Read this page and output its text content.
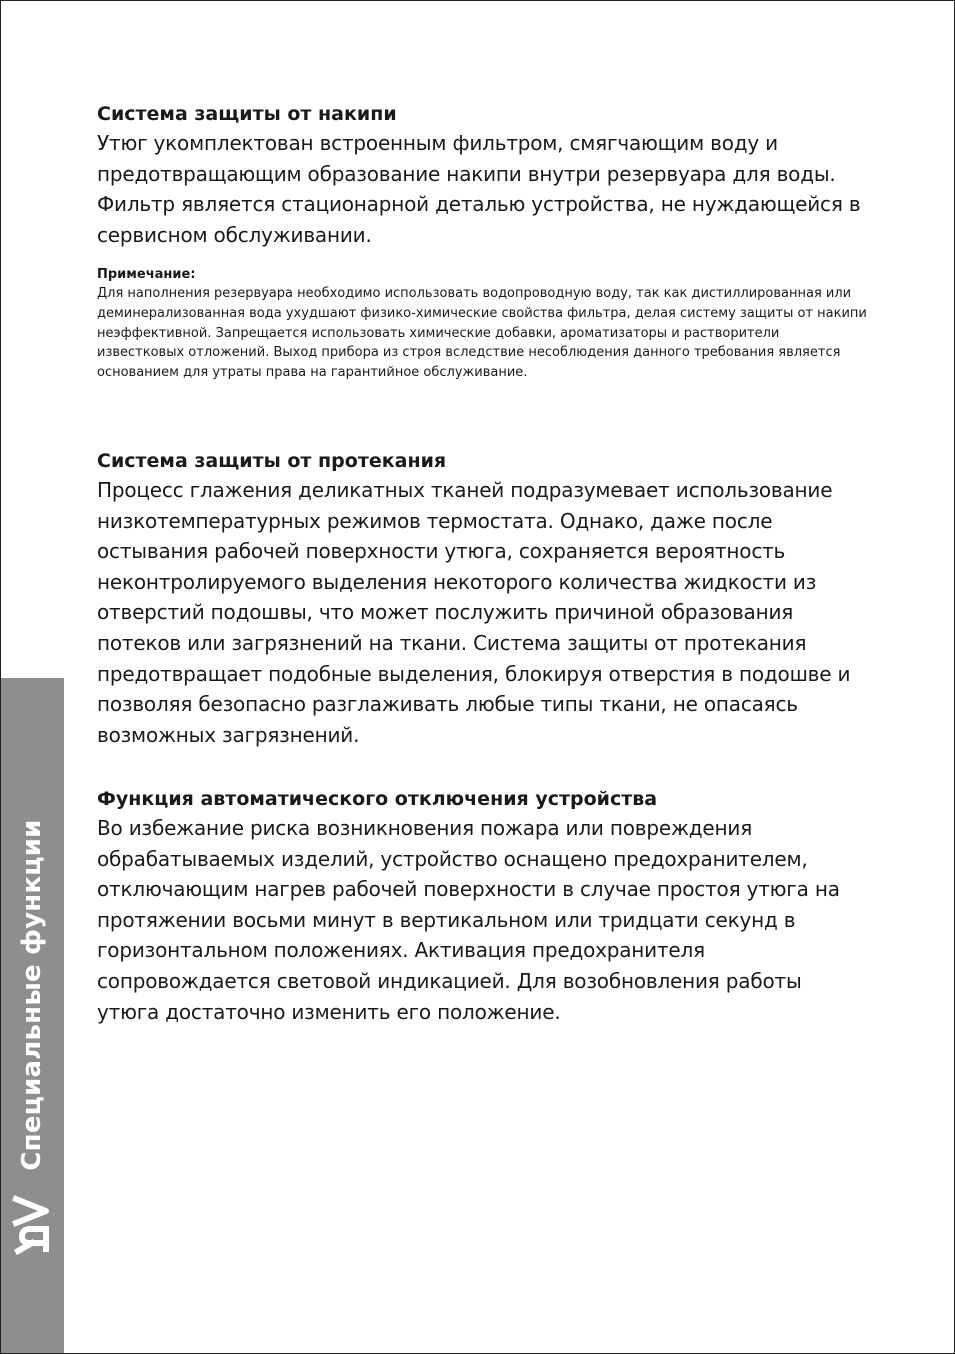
Система защиты от накипи

Утюг укомплектован встроенным фильтром, смягчающим воду и предотвращающим образование накипи внутри резервуара для воды. Фильтр является стационарной деталью устройства, не нуждающейся в сервисном обслуживании.

Примечание:

Для наполнения резервуара необходимо использовать водопроводную воду, так как дистиллированная или деминерализованная вода ухудшают физико-химические свойства фильтра, делая систему защиты от накипи неэффективной. Запрещается использовать химические добавки, ароматизаторы и растворители известковых отложений. Выход прибора из строя вследствие несоблюдения данного требования является основанием для утраты права на гарантийное обслуживание.

Система защиты от протекания

Процесс глажения деликатных тканей подразумевает использование низкотемпературных режимов термостата. Однако, даже после остывания рабочей поверхности утюга, сохраняется вероятность неконтролируемого выделения некоторого количества жидкости из отверстий подошвы, что может послужить причиной образования потеков или загрязнений на ткани. Система защиты от протекания предотвращает подобные выделения, блокируя отверстия в подошве и позволяя безопасно разглаживать любые типы ткани, не опасаясь возможных загрязнений.

Функция автоматического отключения устройства

Во избежание риска возникновения пожара или повреждения обрабатываемых изделий, устройство оснащено предохранителем, отключающим нагрев рабочей поверхности в случае простоя утюга на протяжении восьми минут в вертикальном или тридцати секунд в горизонтальном положениях. Активация предохранителя сопровождается световой индикацией. Для возобновления работы утюга достаточно изменить его положение.

Специальные функции
